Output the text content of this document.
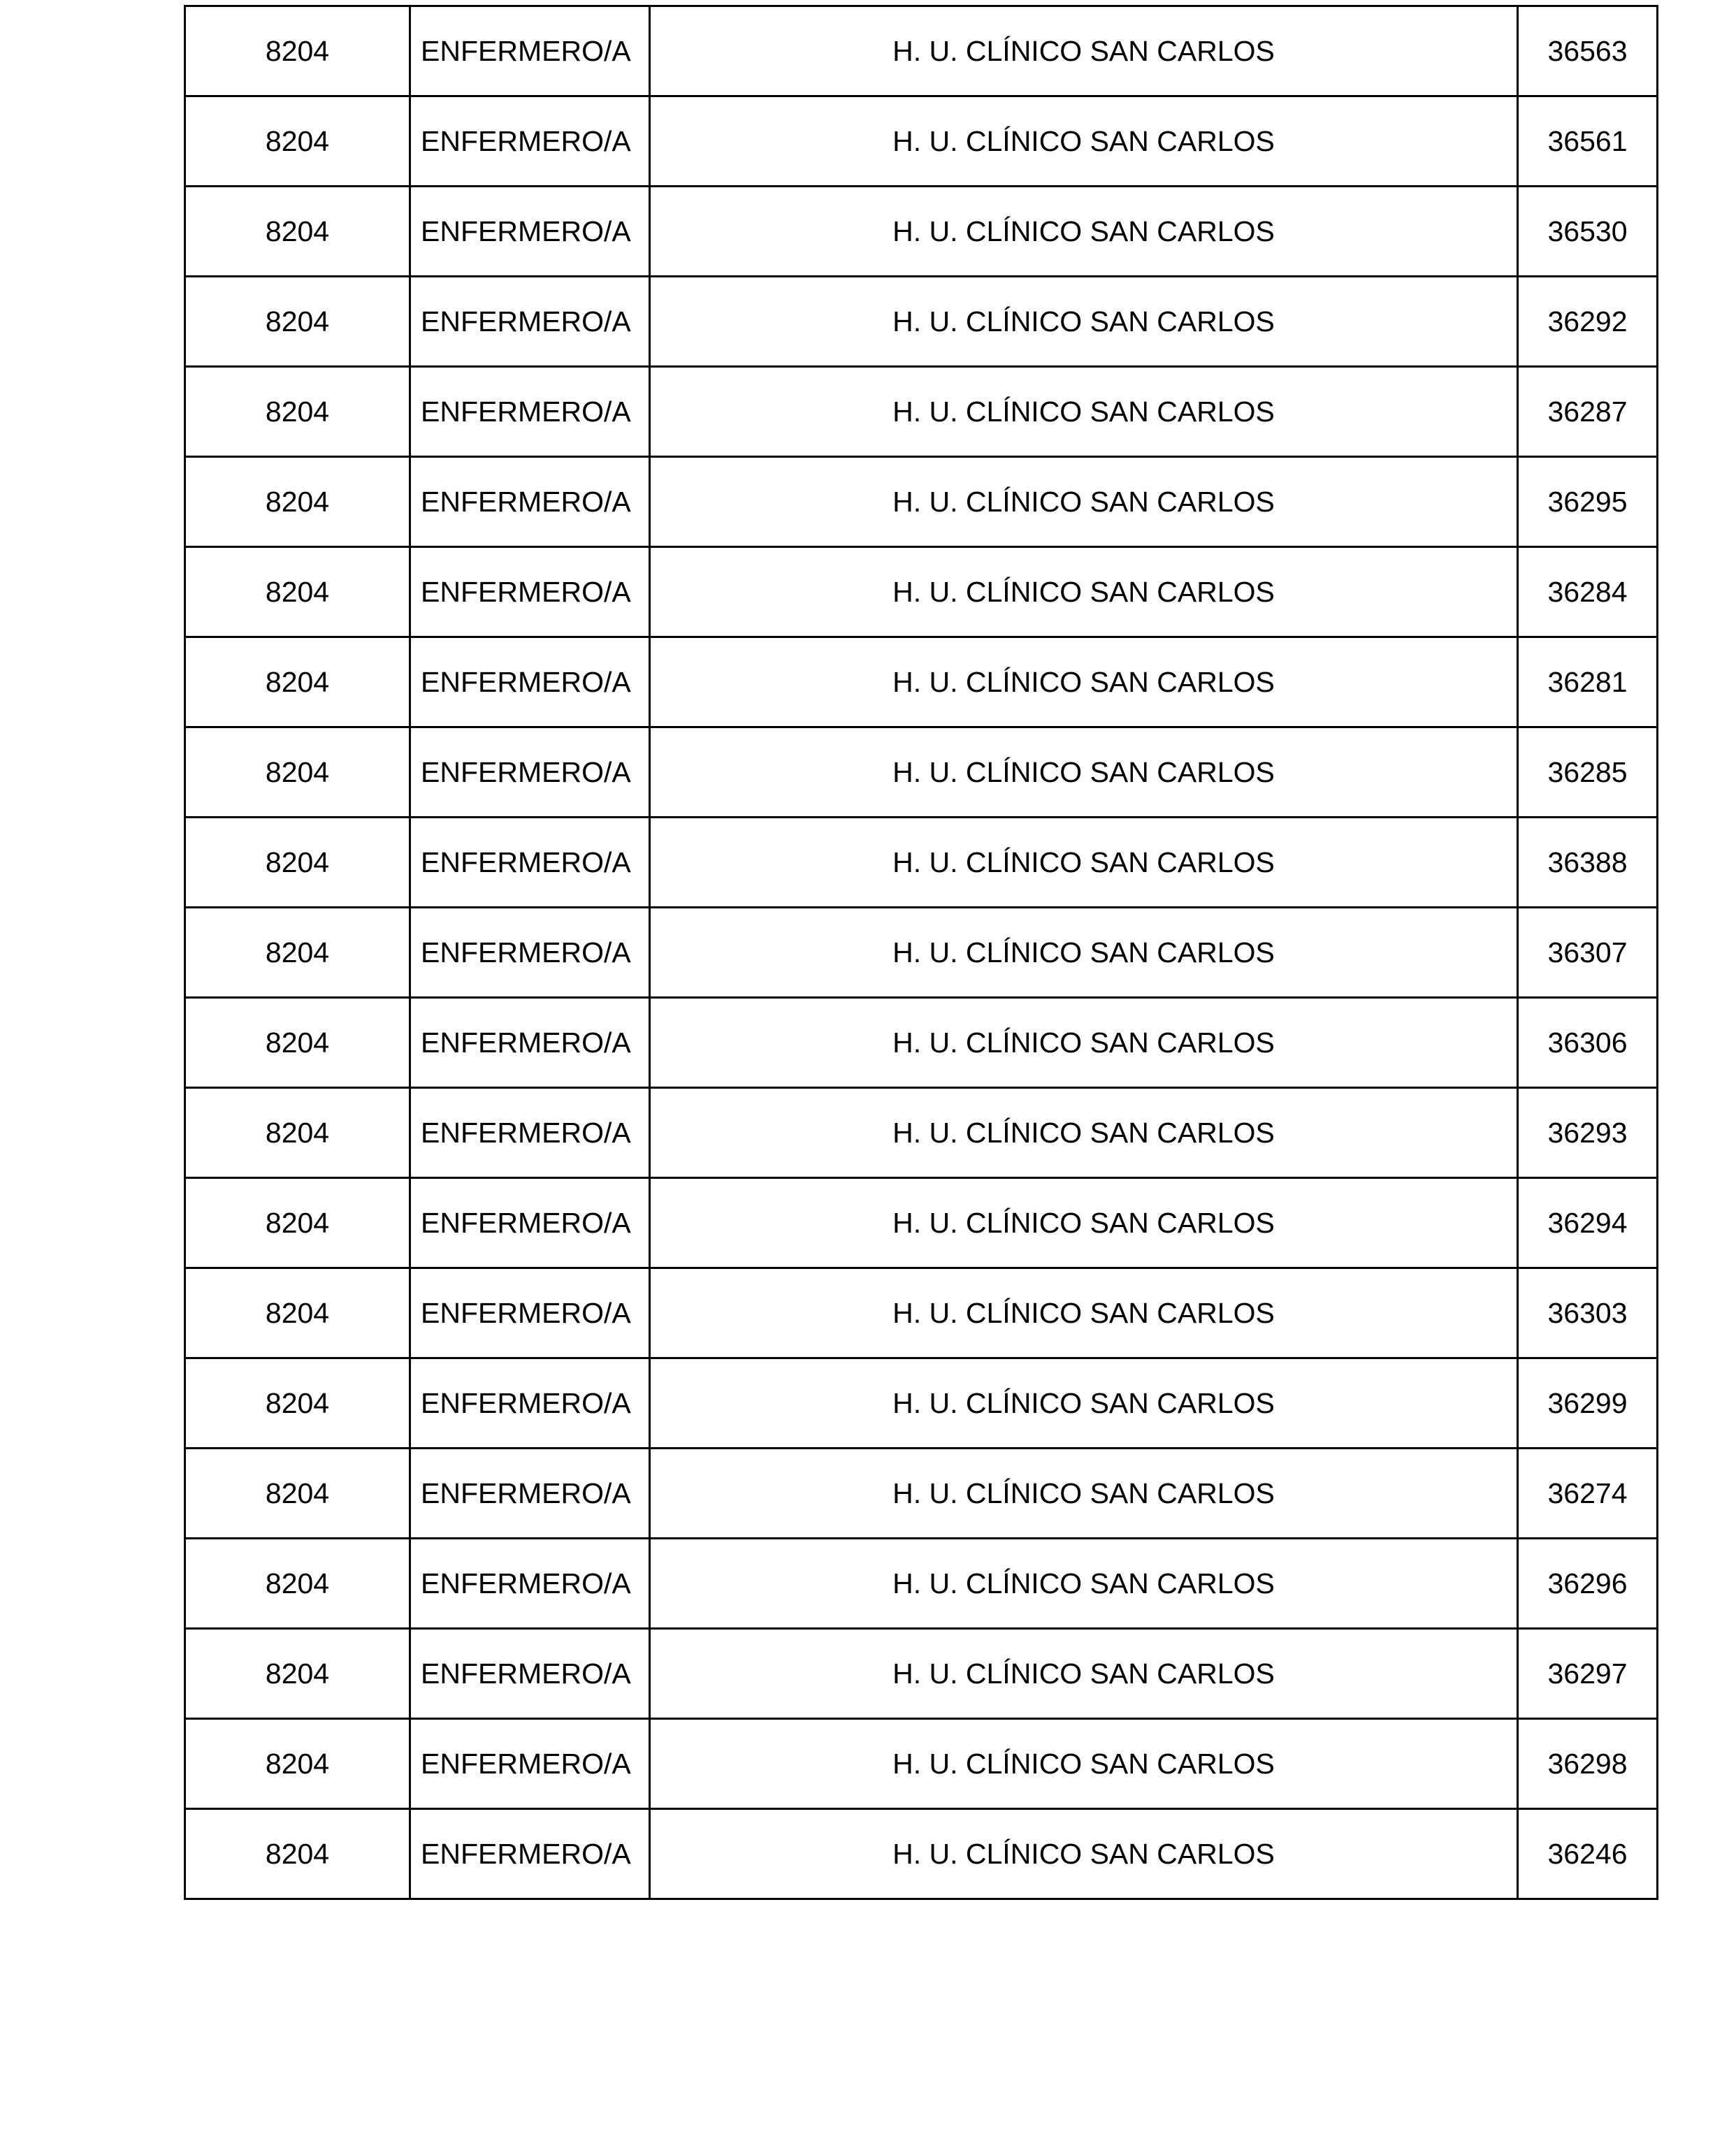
8204	ENFERMERO/A	H. U. CLÍNICO SAN CARLOS	36563
8204	ENFERMERO/A	H. U. CLÍNICO SAN CARLOS	36561
8204	ENFERMERO/A	H. U. CLÍNICO SAN CARLOS	36530
8204	ENFERMERO/A	H. U. CLÍNICO SAN CARLOS	36292
8204	ENFERMERO/A	H. U. CLÍNICO SAN CARLOS	36287
8204	ENFERMERO/A	H. U. CLÍNICO SAN CARLOS	36295
8204	ENFERMERO/A	H. U. CLÍNICO SAN CARLOS	36284
8204	ENFERMERO/A	H. U. CLÍNICO SAN CARLOS	36281
8204	ENFERMERO/A	H. U. CLÍNICO SAN CARLOS	36285
8204	ENFERMERO/A	H. U. CLÍNICO SAN CARLOS	36388
8204	ENFERMERO/A	H. U. CLÍNICO SAN CARLOS	36307
8204	ENFERMERO/A	H. U. CLÍNICO SAN CARLOS	36306
8204	ENFERMERO/A	H. U. CLÍNICO SAN CARLOS	36293
8204	ENFERMERO/A	H. U. CLÍNICO SAN CARLOS	36294
8204	ENFERMERO/A	H. U. CLÍNICO SAN CARLOS	36303
8204	ENFERMERO/A	H. U. CLÍNICO SAN CARLOS	36299
8204	ENFERMERO/A	H. U. CLÍNICO SAN CARLOS	36274
8204	ENFERMERO/A	H. U. CLÍNICO SAN CARLOS	36296
8204	ENFERMERO/A	H. U. CLÍNICO SAN CARLOS	36297
8204	ENFERMERO/A	H. U. CLÍNICO SAN CARLOS	36298
8204	ENFERMERO/A	H. U. CLÍNICO SAN CARLOS	36246
